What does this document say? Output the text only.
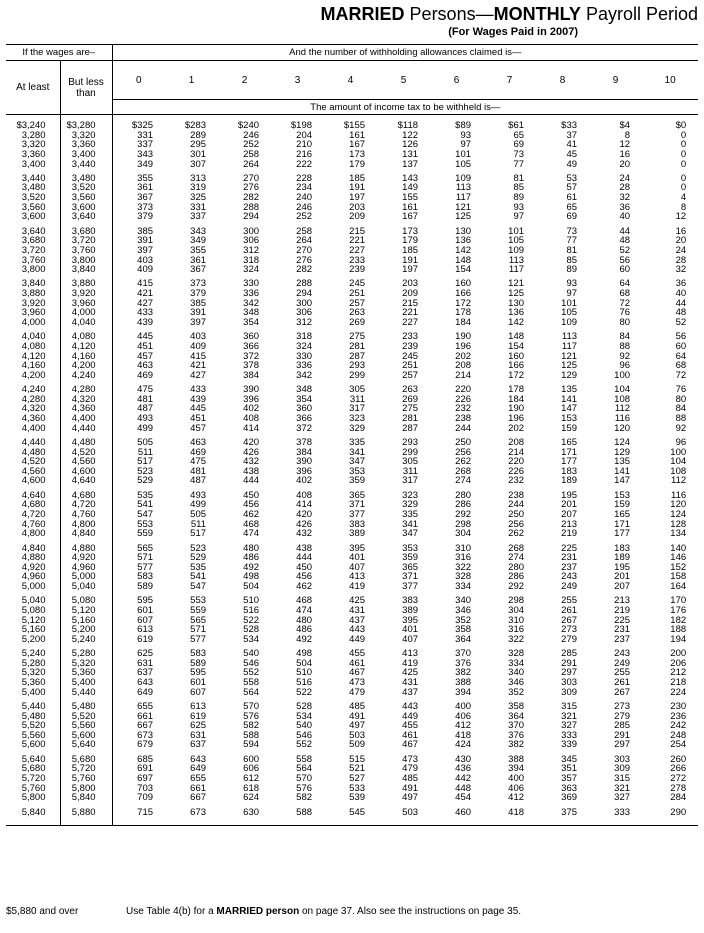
MARRIED Persons—MONTHLY Payroll Period
(For Wages Paid in 2007)
If the wages are–		And the number of withholding allowances claimed is—										
At least	But less than	0	1	2	3	4	5	6	7	8	9	10
		The amount of income tax to be withheld is—										
$3,240	$3,280	$325	$283	$240	$198	$155	$118	$89	$61	$33	$4	$0
3,280	3,320	331	289	246	204	161	122	93	65	37	8	0
3,320	3,360	337	295	252	210	167	126	97	69	41	12	0
3,360	3,400	343	301	258	216	173	131	101	73	45	16	0
3,400	3,440	349	307	264	222	179	137	105	77	49	20	0

3,440	3,480	355	313	270	228	185	143	109	81	53	24	0
3,480	3,520	361	319	276	234	191	149	113	85	57	28	0
3,520	3,560	367	325	282	240	197	155	117	89	61	32	4
3,560	3,600	373	331	288	246	203	161	121	93	65	36	8
3,600	3,640	379	337	294	252	209	167	125	97	69	40	12

3,640	3,680	385	343	300	258	215	173	130	101	73	44	16
3,680	3,720	391	349	306	264	221	179	136	105	77	48	20
3,720	3,760	397	355	312	270	227	185	142	109	81	52	24
3,760	3,800	403	361	318	276	233	191	148	113	85	56	28
3,800	3,840	409	367	324	282	239	197	154	117	89	60	32

3,840	3,880	415	373	330	288	245	203	160	121	93	64	36
3,880	3,920	421	379	336	294	251	209	166	125	97	68	40
3,920	3,960	427	385	342	300	257	215	172	130	101	72	44
3,960	4,000	433	391	348	306	263	221	178	136	105	76	48
4,000	4,040	439	397	354	312	269	227	184	142	109	80	52

4,040	4,080	445	403	360	318	275	233	190	148	113	84	56
4,080	4,120	451	409	366	324	281	239	196	154	117	88	60
4,120	4,160	457	415	372	330	287	245	202	160	121	92	64
4,160	4,200	463	421	378	336	293	251	208	166	125	96	68
4,200	4,240	469	427	384	342	299	257	214	172	129	100	72

4,240	4,280	475	433	390	348	305	263	220	178	135	104	76
4,280	4,320	481	439	396	354	311	269	226	184	141	108	80
4,320	4,360	487	445	402	360	317	275	232	190	147	112	84
4,360	4,400	493	451	408	366	323	281	238	196	153	116	88
4,400	4,440	499	457	414	372	329	287	244	202	159	120	92

4,440	4,480	505	463	420	378	335	293	250	208	165	124	96
4,480	4,520	511	469	426	384	341	299	256	214	171	129	100
4,520	4,560	517	475	432	390	347	305	262	220	177	135	104
4,560	4,600	523	481	438	396	353	311	268	226	183	141	108
4,600	4,640	529	487	444	402	359	317	274	232	189	147	112

4,640	4,680	535	493	450	408	365	323	280	238	195	153	116
4,680	4,720	541	499	456	414	371	329	286	244	201	159	120
4,720	4,760	547	505	462	420	377	335	292	250	207	165	124
4,760	4,800	553	511	468	426	383	341	298	256	213	171	128
4,800	4,840	559	517	474	432	389	347	304	262	219	177	134

4,840	4,880	565	523	480	438	395	353	310	268	225	183	140
4,880	4,920	571	529	486	444	401	359	316	274	231	189	146
4,920	4,960	577	535	492	450	407	365	322	280	237	195	152
4,960	5,000	583	541	498	456	413	371	328	286	243	201	158
5,000	5,040	589	547	504	462	419	377	334	292	249	207	164

5,040	5,080	595	553	510	468	425	383	340	298	255	213	170
5,080	5,120	601	559	516	474	431	389	346	304	261	219	176
5,120	5,160	607	565	522	480	437	395	352	310	267	225	182
5,160	5,200	613	571	528	486	443	401	358	316	273	231	188
5,200	5,240	619	577	534	492	449	407	364	322	279	237	194

5,240	5,280	625	583	540	498	455	413	370	328	285	243	200
5,280	5,320	631	589	546	504	461	419	376	334	291	249	206
5,320	5,360	637	595	552	510	467	425	382	340	297	255	212
5,360	5,400	643	601	558	516	473	431	388	346	303	261	218
5,400	5,440	649	607	564	522	479	437	394	352	309	267	224

5,440	5,480	655	613	570	528	485	443	400	358	315	273	230
5,480	5,520	661	619	576	534	491	449	406	364	321	279	236
5,520	5,560	667	625	582	540	497	455	412	370	327	285	242
5,560	5,600	673	631	588	546	503	461	418	376	333	291	248
5,600	5,640	679	637	594	552	509	467	424	382	339	297	254

5,640	5,680	685	643	600	558	515	473	430	388	345	303	260
5,680	5,720	691	649	606	564	521	479	436	394	351	309	266
5,720	5,760	697	655	612	570	527	485	442	400	357	315	272
5,760	5,800	703	661	618	576	533	491	448	406	363	321	278
5,800	5,840	709	667	624	582	539	497	454	412	369	327	284

5,840	5,880	715	673	630	588	545	503	460	418	375	333	290
$5,880 and over	Use Table 4(b) for a MARRIED person on page 37. Also see the instructions on page 35.
